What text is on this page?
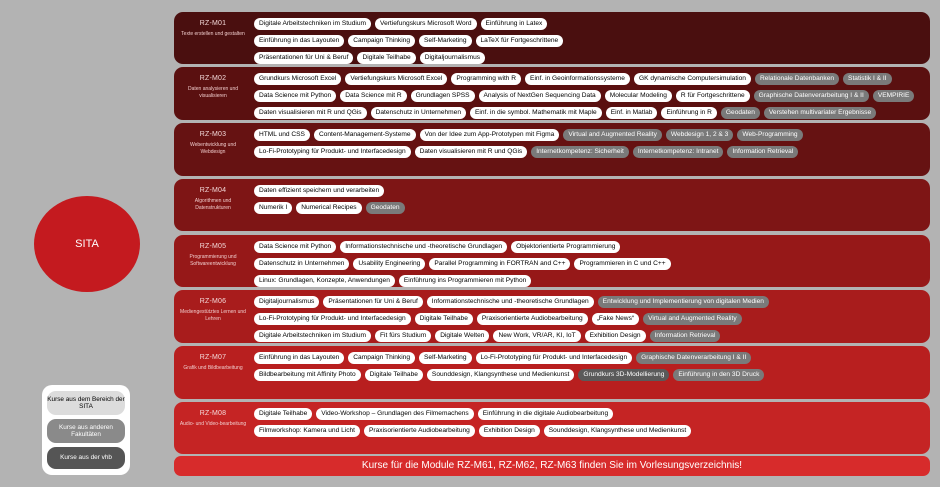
SITA
RZ-M01
Texte erstellen und gestalten
Digitale Arbeitstechniken im Studium	Vertiefungskurs Microsoft Word	Einführung in Latex
Einführung in das Layouten	Campaign Thinking	Self-Marketing	LaTeX für Fortgeschrittene
Präsentationen für Uni & Beruf	Digitale Teilhabe	Digitaljournalismus
RZ-M02
Daten analysieren und visualisieren
Grundkurs Microsoft Excel	Vertiefungskurs Microsoft Excel	Programming with R	Einf. in Geoinformationssysteme	GK dynamische Computersimulation	Relationale Datenbanken	Statistik I & II
Data Science mit Python	Data Science mit R	Grundlagen SPSS	Analysis of NextGen Sequencing Data	Molecular Modeling	R für Fortgeschrittene	Graphische Datenverarbeitung I & II	VEMPIRIE
Daten visualisieren mit R und QGis	Datenschutz in Unternehmen	Einf. in die symbol. Mathematik mit Maple	Einf. in Matlab	Einführung in R	Geodaten	Verstehen multivariater Ergebnisse
RZ-M03
Webentwicklung und Webdesign
HTML und CSS	Content-Management-Systeme	Von der Idee zum App-Prototypen mit Figma	Virtual and Augmented Reality	Webdesign 1, 2 & 3	Web-Programming
Lo-Fi-Prototyping für Produkt- und Interfacedesign	Daten visualisieren mit R und QGis	Internetkompetenz: Sicherheit	Internetkompetenz: Intranet	Information Retrieval
RZ-M04
Algorithmen und Datenstrukturen
Daten effizient speichern und verarbeiten
Numerik I	Numerical Recipes	Geodaten
RZ-M05
Programmierung und Softwareentwicklung
Data Science mit Python	Informationstechnische und -theoretische Grundlagen	Objektorientierte Programmierung
Datenschutz in Unternehmen	Usability Engineering	Parallel Programming in FORTRAN and C++	Programmieren in C und C++
Linux: Grundlagen, Konzepte, Anwendungen	Einführung ins Programmieren mit Python
RZ-M06
Mediengestütztes Lernen und Lehren
Digitaljournalismus	Präsentationen für Uni & Beruf	Informationstechnische und -theoretische Grundlagen	Entwicklung und Implementierung von digitalen Medien
Lo-Fi-Prototyping für Produkt- und Interfacedesign	Digitale Teilhabe	Praxisorientierte Audiobearbeitung	„Fake News“	Virtual and Augmented Reality
Digitale Arbeitstechniken im Studium	Fit fürs Studium	Digitale Welten	New Work, VR/AR, KI, IoT	Exhibition Design	Information Retrieval
RZ-M07
Grafik und Bildbearbeitung
Einführung in das Layouten	Campaign Thinking	Self-Marketing	Lo-Fi-Prototyping für Produkt- und Interfacedesign	Graphische Datenverarbeitung I & II
Bildbearbeitung mit Affinity Photo	Digitale Teilhabe	Sounddesign, Klangsynthese und Medienkunst	Grundkurs 3D-Modellierung	Einführung in den 3D Druck
RZ-M08
Audio- und Video-bearbeitung
Digitale Teilhabe	Video-Workshop – Grundlagen des Filmemachens	Einführung in die digitale Audiobearbeitung
Filmworkshop: Kamera und Licht	Praxisorientierte Audiobearbeitung	Exhibition Design	Sounddesign, Klangsynthese und Medienkunst
Kurse für die Module RZ-M61, RZ-M62, RZ-M63 finden Sie im Vorlesungsverzeichnis!
Kurse aus dem Bereich der SITA
Kurse aus anderen Fakultäten
Kurse aus der vhb
